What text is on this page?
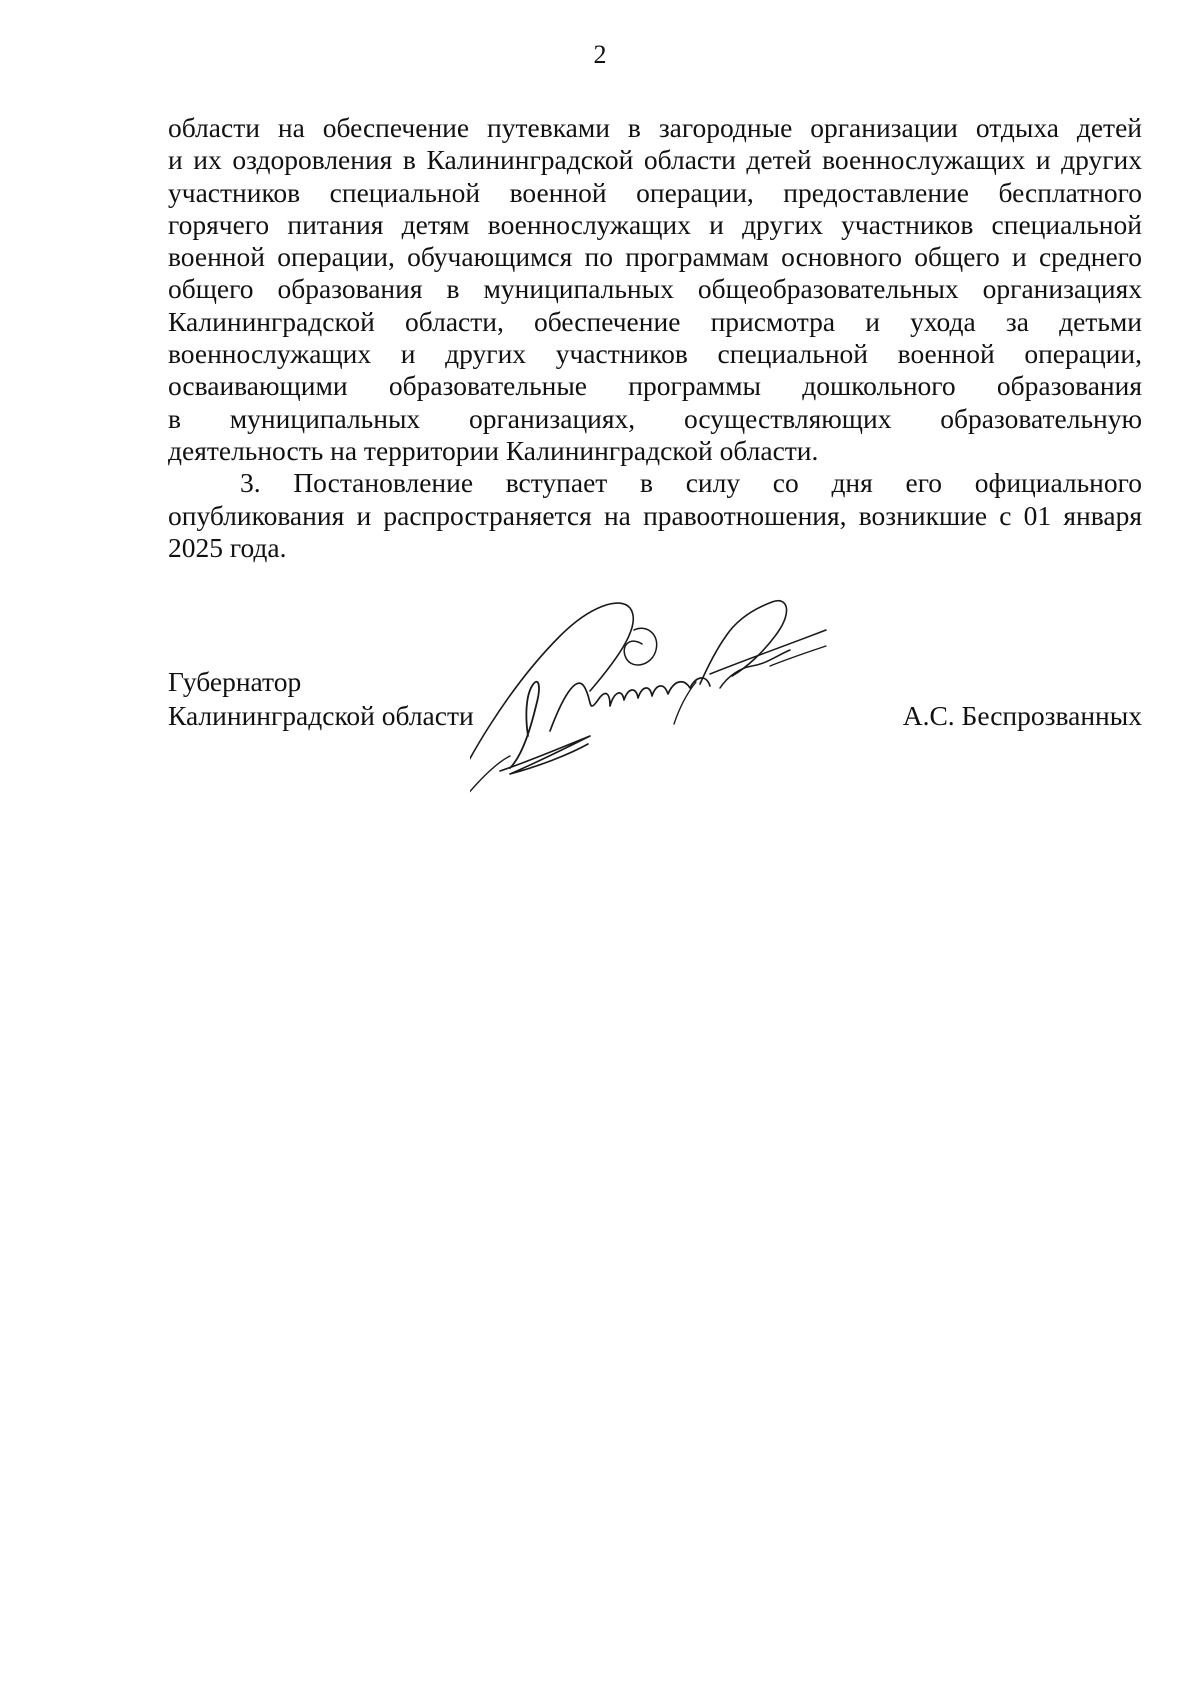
2
области на обеспечение путевками в загородные организации отдыха детей
и их оздоровления в Калининградской области детей военнослужащих и других
участников специальной военной операции, предоставление бесплатного
горячего питания детям военнослужащих и других участников специальной
военной операции, обучающимся по программам основного общего и среднего
общего образования в муниципальных общеобразовательных организациях
Калининградской области, обеспечение присмотра и ухода за детьми
военнослужащих и других участников специальной военной операции,
осваивающими образовательные программы дошкольного образования
в муниципальных организациях, осуществляющих образовательную
деятельность на территории Калининградской области.
3. Постановление вступает в силу со дня его официального
опубликования и распространяется на правоотношения, возникшие с 01 января
2025 года.
Губернатор
Калининградской области	А.С. Беспрозванных
